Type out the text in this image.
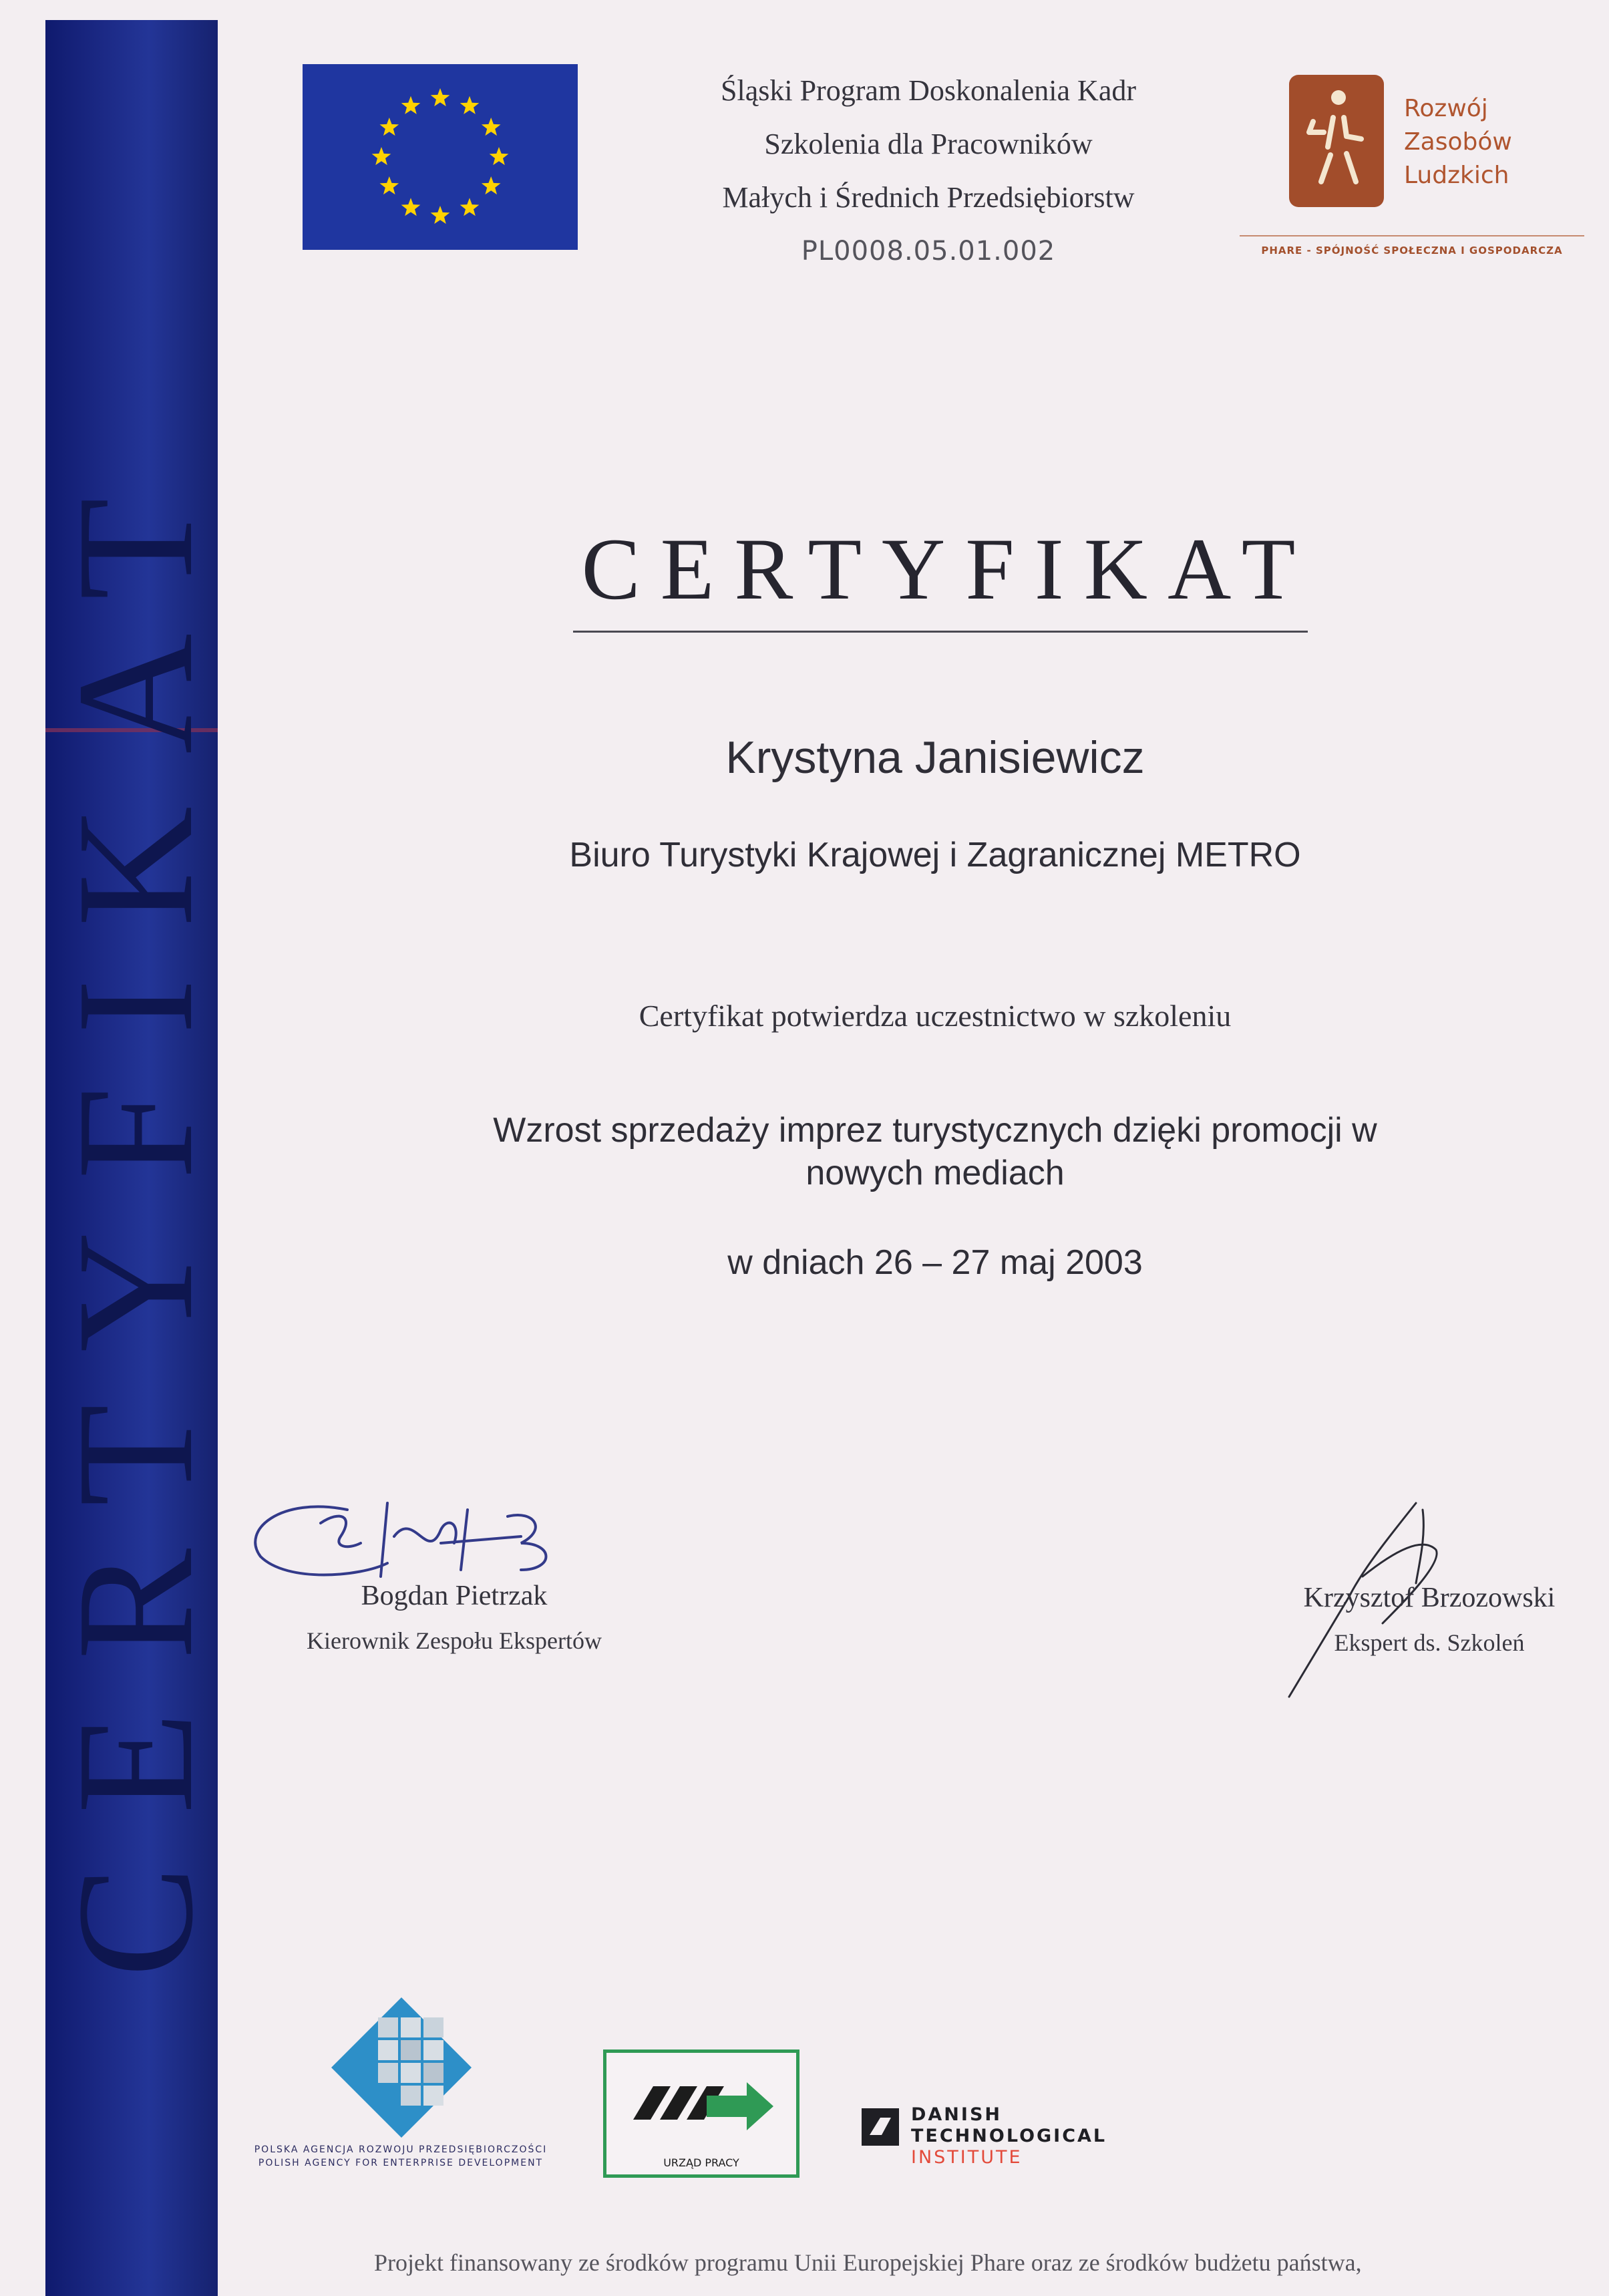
CERTYFIKAT
Śląski Program Doskonalenia Kadr
Szkolenia dla Pracowników
Małych i Średnich Przedsiębiorstw
PL0008.05.01.002
Rozwój
Zasobów
Ludzkich
PHARE - SPÓJNOŚĆ SPOŁECZNA I GOSPODARCZA
CERTYFIKAT
Krystyna Janisiewicz
Biuro Turystyki Krajowej i Zagranicznej METRO
Certyfikat potwierdza uczestnictwo w szkoleniu
Wzrost sprzedaży imprez turystycznych dzięki promocji w
nowych mediach
w dniach 26 – 27 maj 2003
Bogdan Pietrzak
Kierownik Zespołu Ekspertów
Krzysztof Brzozowski
Ekspert ds. Szkoleń
POLSKA AGENCJA ROZWOJU PRZEDSIĘBIORCZOŚCI
POLISH AGENCY FOR ENTERPRISE DEVELOPMENT	URZĄD PRACY
DANISH
TECHNOLOGICAL
INSTITUTE
Projekt finansowany ze środków programu Unii Europejskiej Phare oraz ze środków budżetu państwa,
